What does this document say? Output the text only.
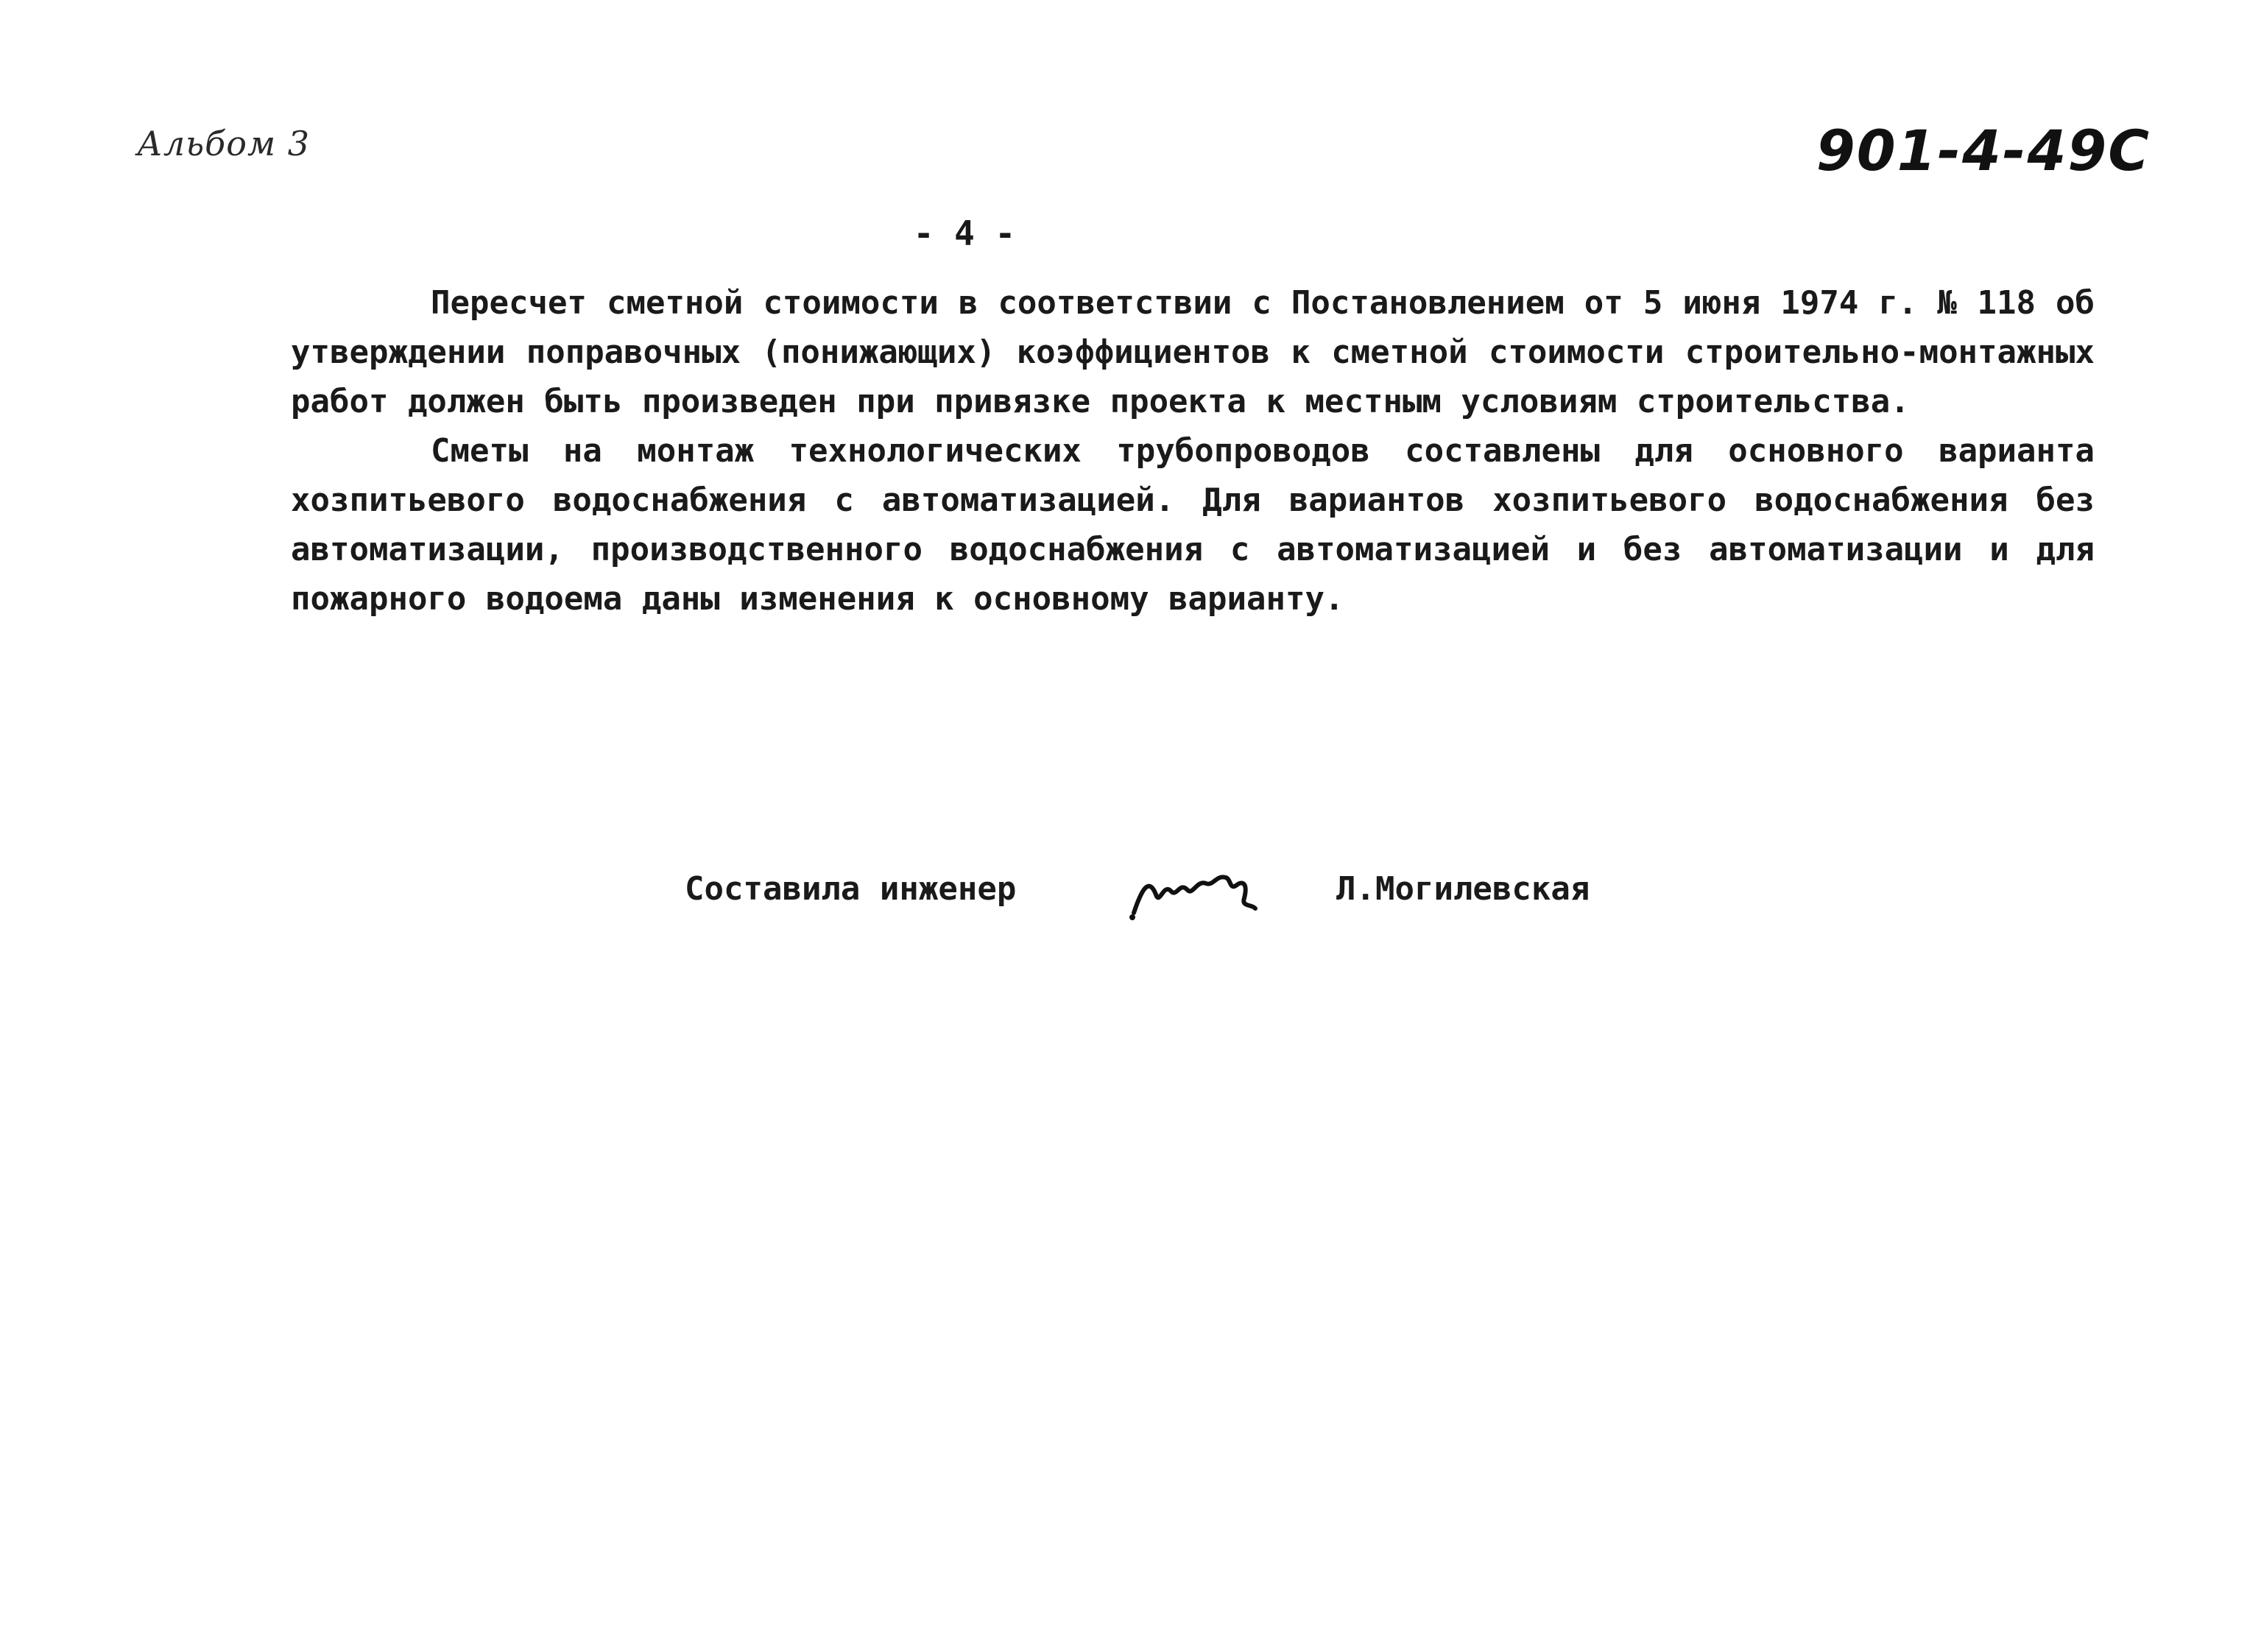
Альбом 3	901-4-49С
- 4 -

Пересчет сметной стоимости в соответствии с Постановлением от 5 июня 1974 г. № 118 об утверждении поправочных (понижающих) коэффициентов к сметной стоимости строительно-монтажных работ должен быть произведен при привязке проекта к местным условиям строительства.

Сметы на монтаж технологических трубопроводов составлены для основного варианта хозпитьевого водоснабжения с автоматизацией. Для вариантов хозпитьевого водоснабжения без автоматизации, производственного водоснабжения с автоматизацией и без автоматизации и для пожарного водоема даны изменения к основному варианту.

Составила инженер	Л.Могилевская
